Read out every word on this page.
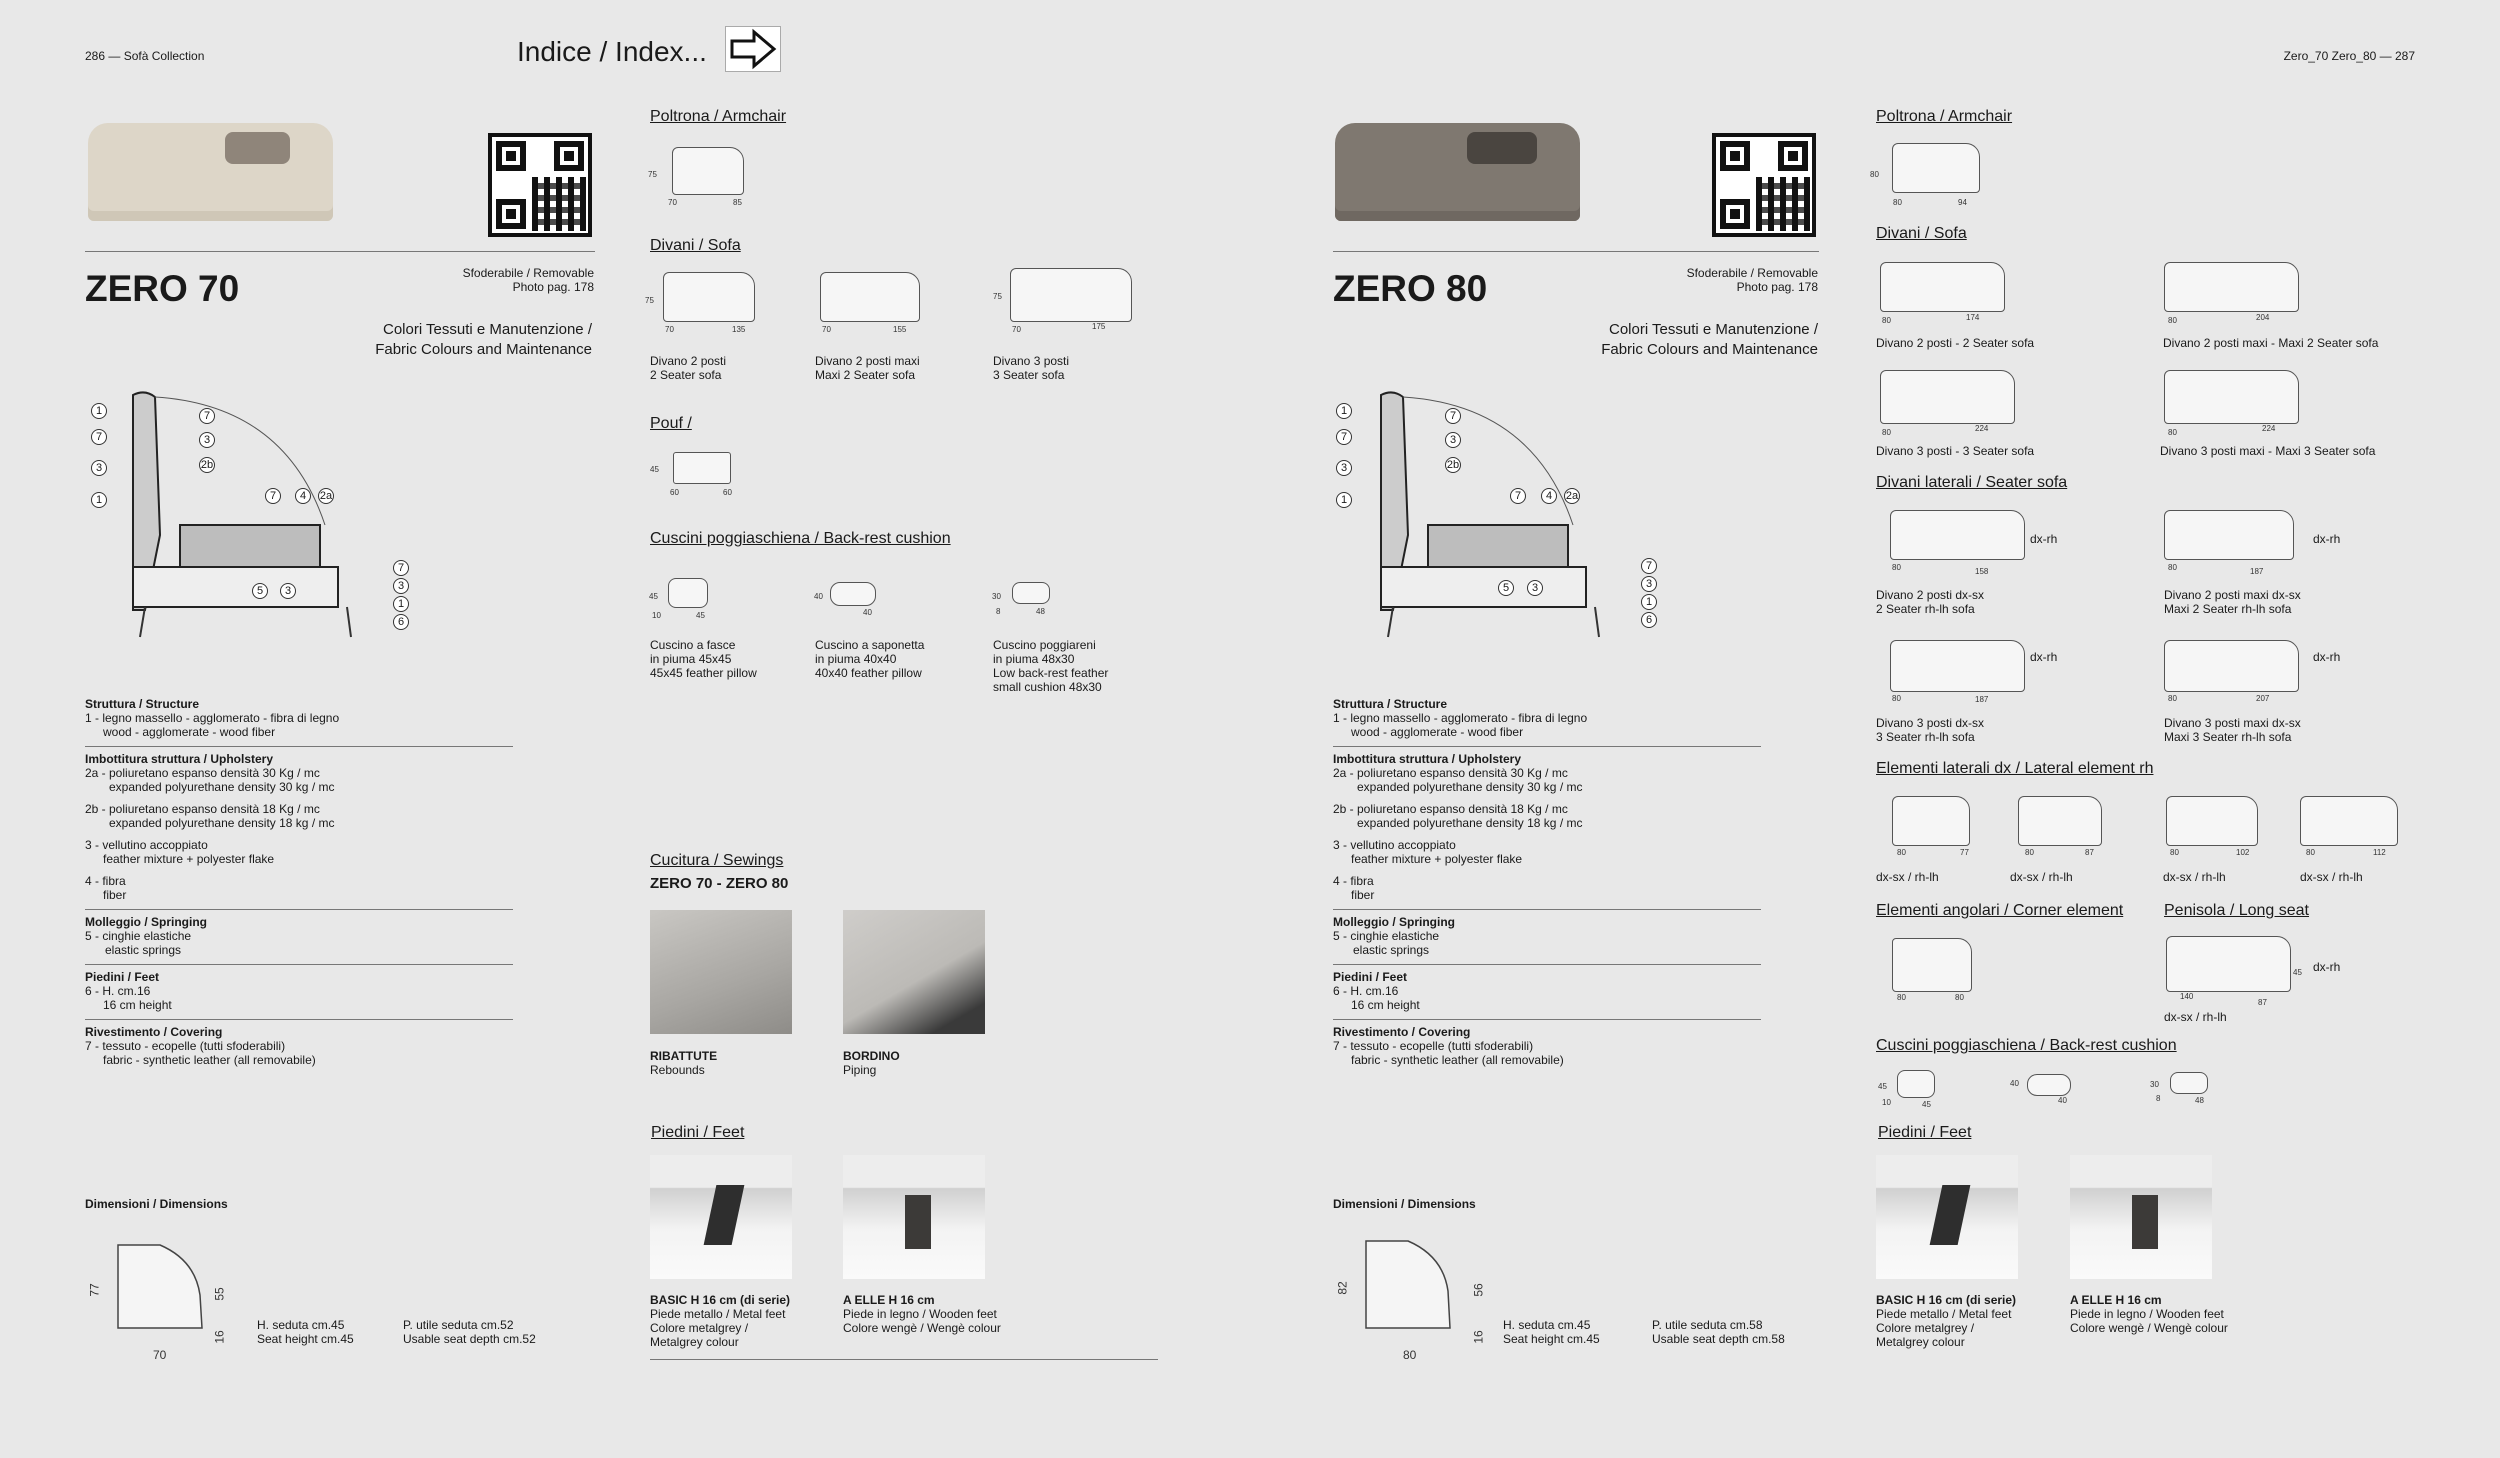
286 — Sofà Collection	Indice / Index...	Zero_70 Zero_80 — 287
ZERO 70	Sfoderabile / Removable
Photo pag. 178
Colori Tessuti e Manutenzione /
Fabric Colours and Maintenance
1
7
3
1
7
3
2b
7	4	2a
5	3
7
3
1
6
Struttura / Structure
1 - legno massello - agglomerato - fibra di legno
wood - agglomerate - wood fiber
Imbottitura struttura / Upholstery
2a - poliuretano espanso densità 30 Kg / mc
expanded polyurethane density 30 kg / mc
2b - poliuretano espanso densità 18 Kg / mc
expanded polyurethane density 18 kg / mc
3 - vellutino accoppiato
feather mixture + polyester flake
4 - fibra
fiber
Molleggio / Springing
5 - cinghie elastiche
elastic springs
Piedini / Feet
6 - H. cm.16
16 cm height
Rivestimento / Covering
7 - tessuto - ecopelle (tutti sfoderabili)
fabric - synthetic leather (all removabile)
Dimensioni / Dimensions
77
70
55
16
H. seduta cm.45
Seat height cm.45
P. utile seduta cm.52
Usable seat depth cm.52
Poltrona / Armchair
75
70	85
Divani / Sofa
75
70	135
Divano 2 posti
2 Seater sofa
70	155
Divano 2 posti maxi
Maxi 2 Seater sofa
75
70	175
Divano 3 posti
3 Seater sofa
Pouf /
45
60	60
Cuscini poggiaschiena / Back-rest cushion
45
10	45
Cuscino a fasce
in piuma 45x45
45x45 feather pillow
40
40
Cuscino a saponetta
in piuma 40x40
40x40 feather pillow
30
8	48
Cuscino poggiareni
in piuma 48x30
Low back-rest feather
small cushion 48x30
Cucitura / Sewings
ZERO 70 - ZERO 80
RIBATTUTE
Rebounds
BORDINO
Piping
Piedini / Feet
BASIC H 16 cm (di serie)
Piede metallo / Metal feet
Colore metalgrey /
Metalgrey colour
A ELLE H 16 cm
Piede in legno / Wooden feet
Colore wengè / Wengè colour
ZERO 80	Sfoderabile / Removable
Photo pag. 178
Colori Tessuti e Manutenzione /
Fabric Colours and Maintenance
1
7
3
1
7
3
2b
7	4	2a
5	3
7
3
1
6
Struttura / Structure
1 - legno massello - agglomerato - fibra di legno
wood - agglomerate - wood fiber
Imbottitura struttura / Upholstery
2a - poliuretano espanso densità 30 Kg / mc
expanded polyurethane density 30 kg / mc
2b - poliuretano espanso densità 18 Kg / mc
expanded polyurethane density 18 kg / mc
3 - vellutino accoppiato
feather mixture + polyester flake
4 - fibra
fiber
Molleggio / Springing
5 - cinghie elastiche
elastic springs
Piedini / Feet
6 - H. cm.16
16 cm height
Rivestimento / Covering
7 - tessuto - ecopelle (tutti sfoderabili)
fabric - synthetic leather (all removabile)
Dimensioni / Dimensions
82
80
56
16
H. seduta cm.45
Seat height cm.45
P. utile seduta cm.58
Usable seat depth cm.58
Poltrona / Armchair
80
80	94
Divani / Sofa
80	174
Divano 2 posti - 2 Seater sofa
80	204
Divano 2 posti maxi - Maxi 2 Seater sofa
80	224
Divano 3 posti - 3 Seater sofa
80	224
Divano 3 posti maxi - Maxi 3 Seater sofa
Divani laterali / Seater sofa
80	158
dx-rh
Divano 2 posti dx-sx
2 Seater rh-lh sofa
80	187
dx-rh
Divano 2 posti maxi dx-sx
Maxi 2 Seater rh-lh sofa
80	187
dx-rh
Divano 3 posti dx-sx
3 Seater rh-lh sofa
80	207
dx-rh
Divano 3 posti maxi dx-sx
Maxi 3 Seater rh-lh sofa
Elementi laterali dx / Lateral element rh
80	77
dx-sx / rh-lh
80	87
dx-sx / rh-lh
80	102
dx-sx / rh-lh
80	112
dx-sx / rh-lh
Elementi angolari / Corner element
80	80
Penisola / Long seat
140
87
45 dx-rh
dx-sx / rh-lh
Cuscini poggiaschiena / Back-rest cushion
45
10	45
40
40
30
8	48
Piedini / Feet
BASIC H 16 cm (di serie)
Piede metallo / Metal feet
Colore metalgrey /
Metalgrey colour
A ELLE H 16 cm
Piede in legno / Wooden feet
Colore wengè / Wengè colour
